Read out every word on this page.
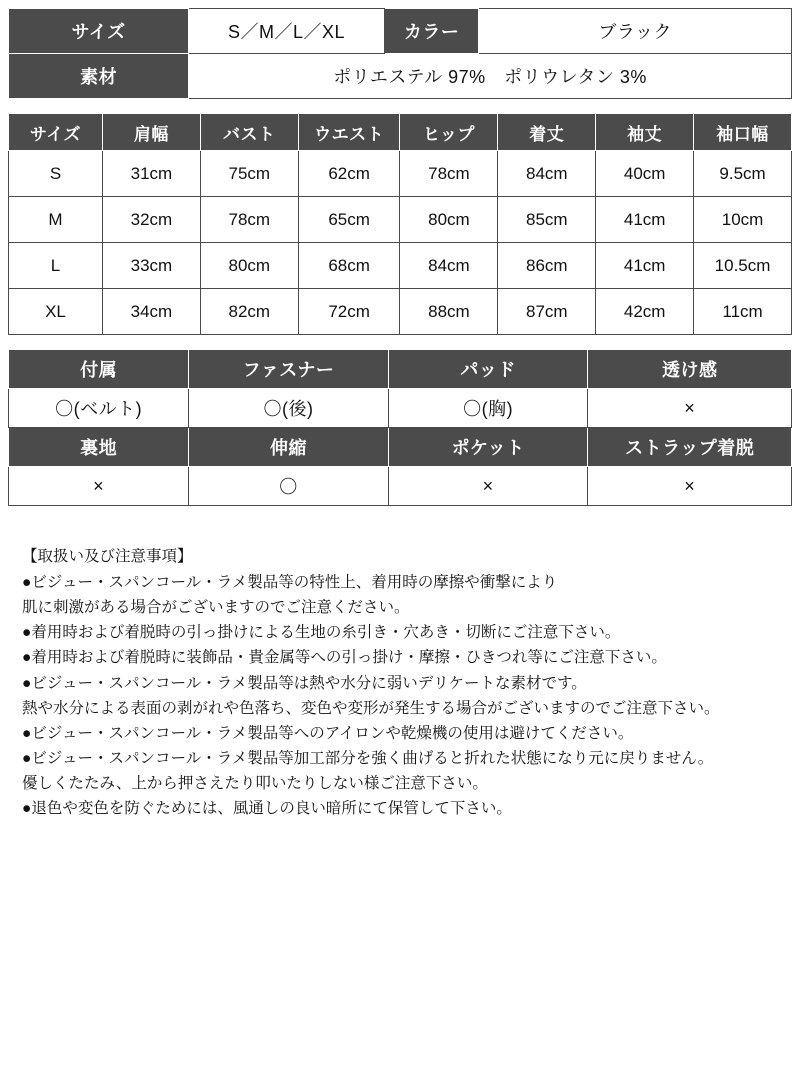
サイズ	S／M／L／XL	カラー	ブラック
素材	ポリエステル 97%　ポリウレタン 3%		
サイズ	肩幅	バスト	ウエスト	ヒップ	着丈	袖丈	袖口幅
S	31cm	75cm	62cm	78cm	84cm	40cm	9.5cm
M	32cm	78cm	65cm	80cm	85cm	41cm	10cm
L	33cm	80cm	68cm	84cm	86cm	41cm	10.5cm
XL	34cm	82cm	72cm	88cm	87cm	42cm	11cm
付属	ファスナー	パッド	透け感
〇(ベルト)	〇(後)	〇(胸)	×
裏地	伸縮	ポケット	ストラップ着脱
×	〇	×	×
【取扱い及び注意事項】
●ビジュー・スパンコール・ラメ製品等の特性上、着用時の摩擦や衝撃により
肌に刺激がある場合がございますのでご注意ください。
●着用時および着脱時の引っ掛けによる生地の糸引き・穴あき・切断にご注意下さい。
●着用時および着脱時に装飾品・貴金属等への引っ掛け・摩擦・ひきつれ等にご注意下さい。
●ビジュー・スパンコール・ラメ製品等は熱や水分に弱いデリケートな素材です。
熱や水分による表面の剥がれや色落ち、変色や変形が発生する場合がございますのでご注意下さい。
●ビジュー・スパンコール・ラメ製品等へのアイロンや乾燥機の使用は避けてください。
●ビジュー・スパンコール・ラメ製品等加工部分を強く曲げると折れた状態になり元に戻りません。
優しくたたみ、上から押さえたり叩いたりしない様ご注意下さい。
●退色や変色を防ぐためには、風通しの良い暗所にて保管して下さい。
